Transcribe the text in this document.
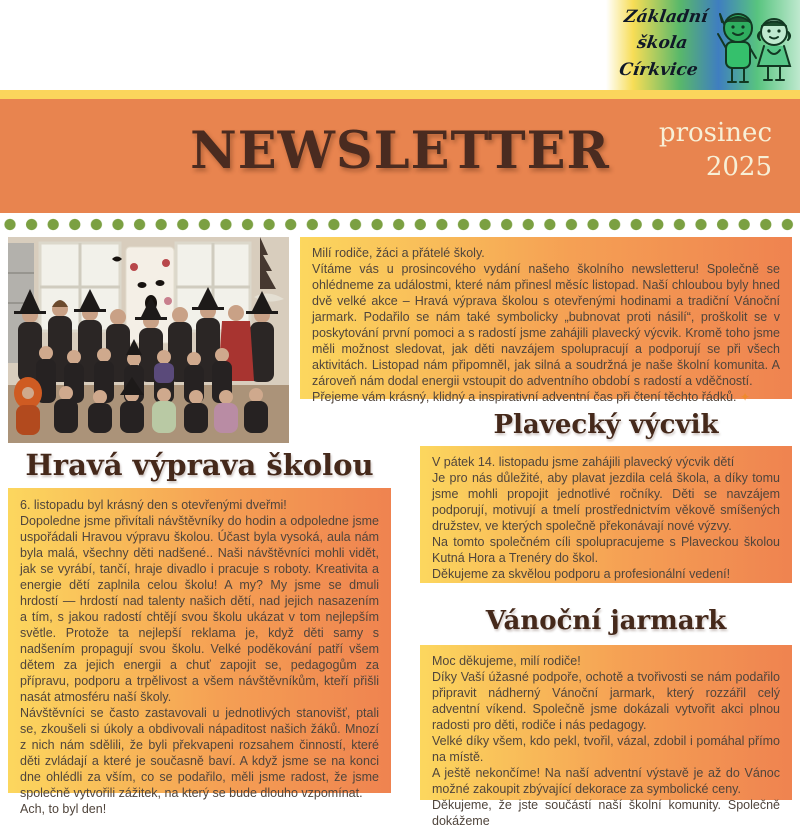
Základní
škola
Církvice
NEWSLETTER	prosinec
2025

Milí rodiče, žáci a přátelé školy.

Vítáme vás u prosincového vydání našeho školního newsletteru! Společně se ohlédneme za událostmi, které nám přinesl měsíc listopad. Naší chloubou byly hned dvě velké akce – Hravá výprava školou s otevřenými hodinami a tradiční Vánoční jarmark. Podařilo se nám také symbolicky „bubnovat proti násilí“, proškolit se v poskytování první pomoci a s radostí jsme zahájili plavecký výcvik. Kromě toho jsme měli možnost sledovat, jak děti navzájem spolupracují a podporují se při všech aktivitách. Listopad nám připomněl, jak silná a soudržná je naše školní komunita. A zároveň nám dodal energii vstoupit do adventního období s radostí a vděčností.

Přejeme vám krásný, klidný a inspirativní adventní čas při čtení těchto řádků. ✦

Hravá výprava školou

6. listopadu byl krásný den s otevřenými dveřmi!

Dopoledne jsme přivítali návštěvníky do hodin a odpoledne jsme uspořádali Hravou výpravu školou. Účast byla vysoká, aula nám byla malá, všechny děti nadšené.. Naši návštěvníci mohli vidět, jak se vyrábí, tančí, hraje divadlo i pracuje s roboty. Kreativita a energie dětí zaplnila celou školu! A my? My jsme se dmuli hrdostí — hrdostí nad talenty našich dětí, nad jejich nasazením a tím, s jakou radostí chtějí svou školu ukázat v tom nejlepším světle. Protože ta nejlepší reklama je, když děti samy s nadšením propagují svou školu. Velké poděkování patří všem dětem za jejich energii a chuť zapojit se, pedagogům za přípravu, podporu a trpělivost a všem návštěvníkům, kteří přišli nasát atmosféru naší školy.

Návštěvníci se často zastavovali u jednotlivých stanovišť, ptali se, zkoušeli si úkoly a obdivovali nápaditost našich žáků. Mnozí z nich nám sdělili, že byli překvapeni rozsahem činností, které děti zvládají a které je současně baví. A když jsme se na konci dne ohlédli za vším, co se podařilo, měli jsme radost, že jsme společně vytvořili zážitek, na který se bude dlouho vzpomínat.

Ach, to byl den!

Plavecký výcvik

V pátek 14. listopadu jsme zahájili plavecký výcvik dětí

Je pro nás důležité, aby plavat jezdila celá škola, a díky tomu jsme mohli propojit jednotlivé ročníky. Děti se navzájem podporují, motivují a tmelí prostřednictvím věkově smíšených družstev, ve kterých společně překonávají nové výzvy.

Na tomto společném cíli spolupracujeme s Plaveckou školou Kutná Hora a Trenéry do škol.

Děkujeme za skvělou podporu a profesionální vedení!

Vánoční jarmark

Moc děkujeme, milí rodiče!

Díky Vaší úžasné podpoře, ochotě a tvořivosti se nám podařilo připravit nádherný Vánoční jarmark, který rozzářil celý adventní víkend. Společně jsme dokázali vytvořit akci plnou radosti pro děti, rodiče i nás pedagogy.

Velké díky všem, kdo pekl, tvořil, vázal, zdobil i pomáhal přímo na místě.

A ještě nekončíme! Na naší adventní výstavě je až do Vánoc možné zakoupit zbývající dekorace za symbolické ceny.

Děkujeme, že jste součástí naší školní komunity. Společně dokážeme
